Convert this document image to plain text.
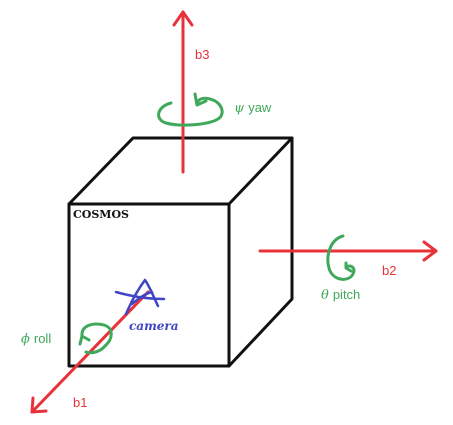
COSMOS
camera
b3
b2
b1
ψ yaw
θ pitch
ϕ roll
